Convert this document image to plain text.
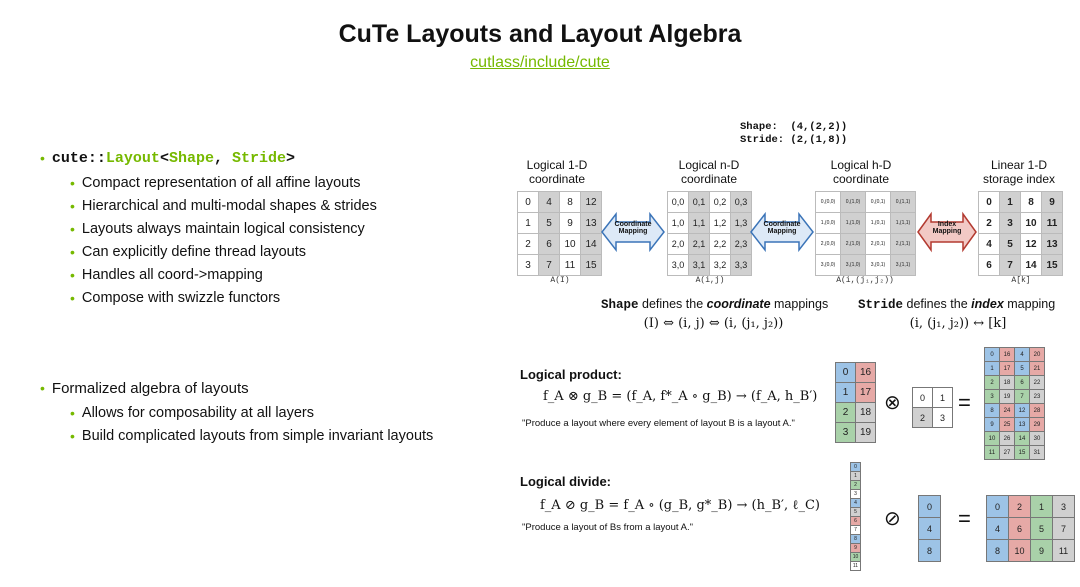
CuTe Layouts and Layout Algebra
cutlass/include/cute
• cute::Layout<Shape, Stride>
• Compact representation of all affine layouts
• Hierarchical and multi-modal shapes & strides
• Layouts always maintain logical consistency
• Can explicitly define thread layouts
• Handles all coord->mapping
• Compose with swizzle functors
• Formalized algebra of layouts
• Allows for composability at all layers
• Build complicated layouts from simple invariant layouts
Shape:  (4,(2,2))
Stride: (2,(1,8))
Logical 1-D
coordinate
Logical n-D
coordinate
Logical h-D
coordinate
Linear 1-D
storage index
0	4	8	12
1	5	9	13
2	6	10	14
3	7	11	15
0,0	0,1	0,2	0,3
1,0	1,1	1,2	1,3
2,0	2,1	2,2	2,3
3,0	3,1	3,2	3,3
0,(0,0)	0,(1,0)	0,(0,1)	0,(1,1)
1,(0,0)	1,(1,0)	1,(0,1)	1,(1,1)
2,(0,0)	2,(1,0)	2,(0,1)	2,(1,1)
3,(0,0)	3,(1,0)	3,(0,1)	3,(1,1)
0	1	8	9
2	3	10	11
4	5	12	13
6	7	14	15
A(I)	A(i,j)	A(i,(j₁,j₂))	A[k]
Coordinate
Mapping
Coordinate
Mapping
Index
Mapping
Shape defines the coordinate mappings
(I) ⇔ (i, j) ⇔ (i, (j₁, j₂))
Stride defines the index mapping
(i, (j₁, j₂)) ↔ [k]
Logical product:
f_A ⊗ g_B = (f_A, f*_A ∘ g_B) → (f_A, h_B′)
"Produce a layout where every element of layout B is a layout A."
0	16
1	17
2	18
3	19
⊗ 0	1
2	3
=
0	16	4	20
1	17	5	21
2	18	6	22
3	19	7	23
8	24	12	28
9	25	13	29
10	26	14	30
11	27	15	31
Logical divide:
f_A ⊘ g_B = f_A ∘ (g_B, g*_B) → (h_B′, ℓ_C)
"Produce a layout of Bs from a layout A."
0
1
2
3
4
5
6
7
8
9
10
11
⊘
0
4
8
=	0	2	1	3
4	6	5	7
8	10	9	11
